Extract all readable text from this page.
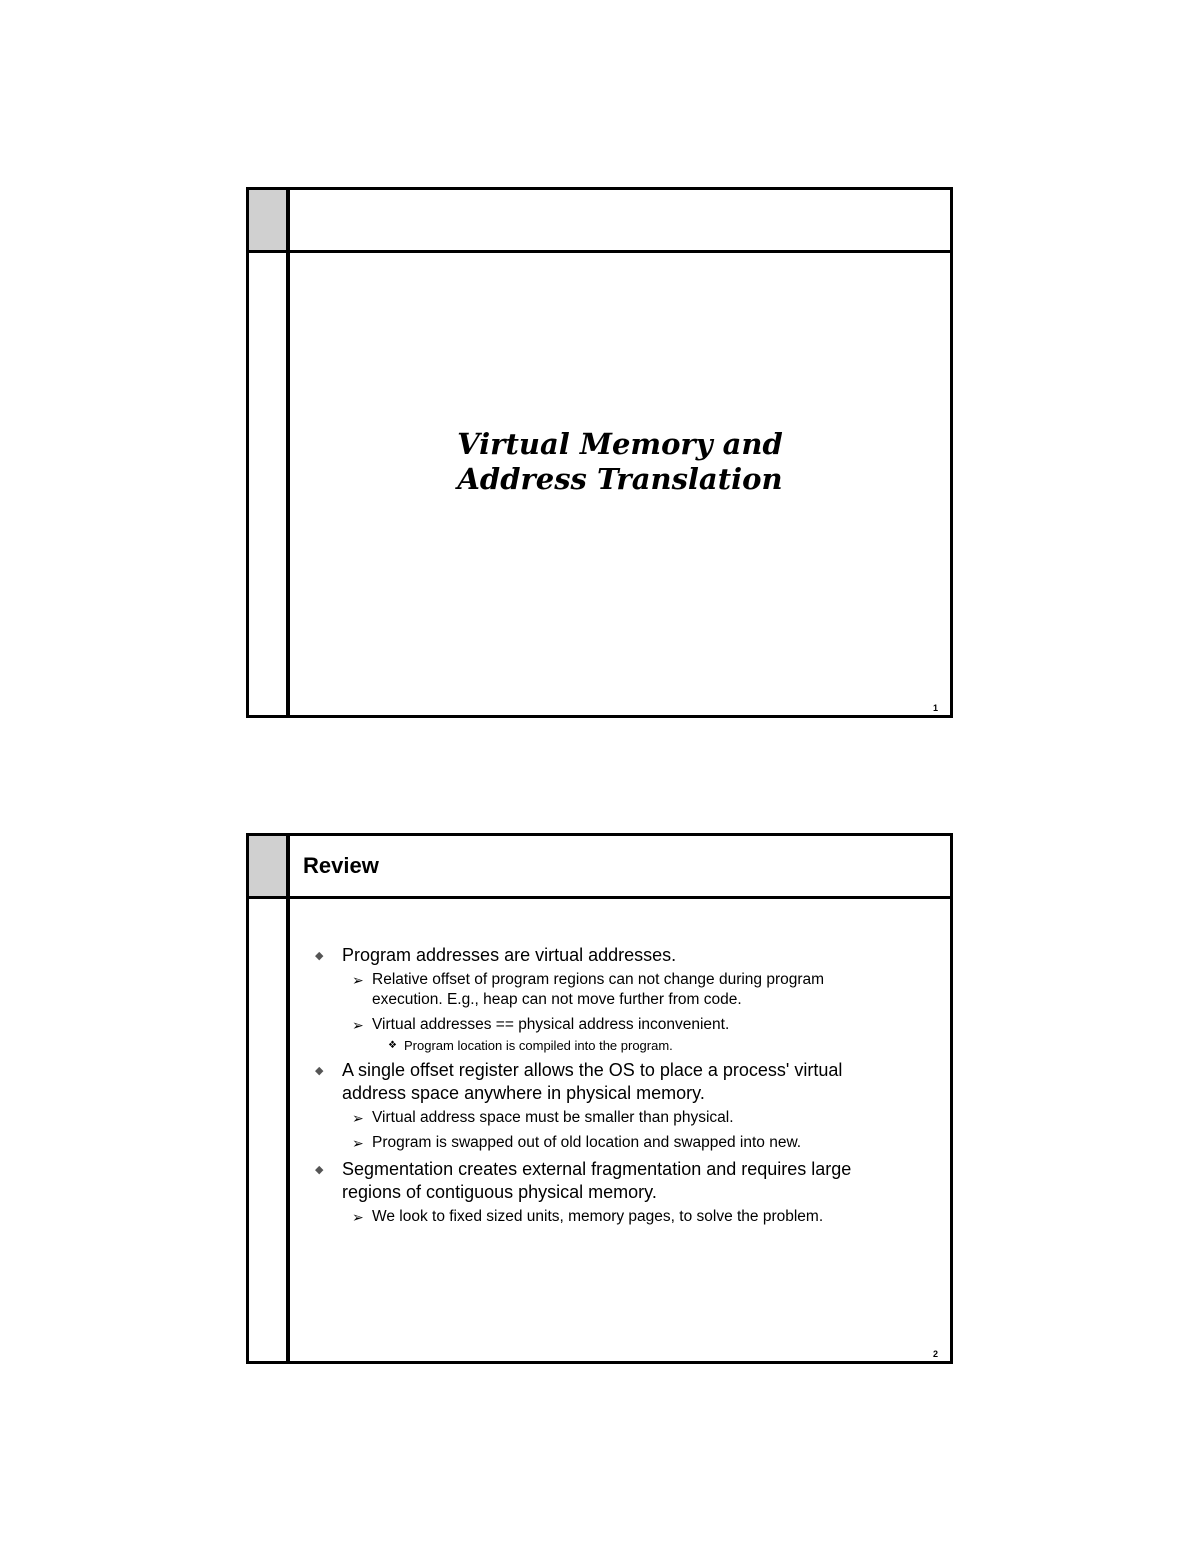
Virtual Memory and
Address Translation
1
Review
◆ Program addresses are virtual addresses.
➢ Relative offset of program regions can not change during program execution. E.g., heap can not move further from code.
➢ Virtual addresses == physical address inconvenient.
❖ Program location is compiled into the program.
◆ A single offset register allows the OS to place a process' virtual address space anywhere in physical memory.
➢ Virtual address space must be smaller than physical.
➢ Program is swapped out of old location and swapped into new.
◆ Segmentation creates external fragmentation and requires large regions of contiguous physical memory.
➢ We look to fixed sized units, memory pages, to solve the problem.
2
